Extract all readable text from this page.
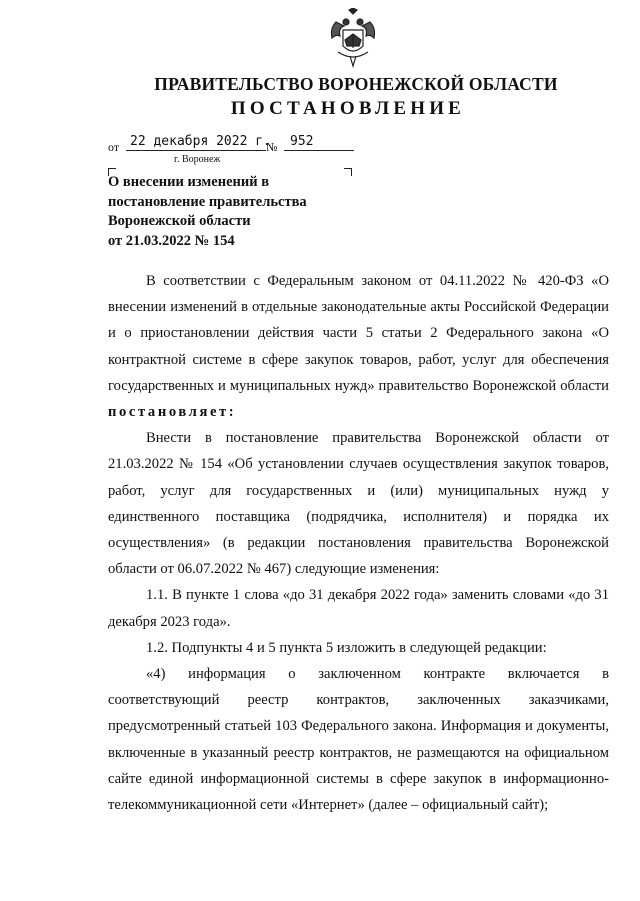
ПРАВИТЕЛЬСТВО ВОРОНЕЖСКОЙ ОБЛАСТИ
ПОСТАНОВЛЕНИЕ
от 22 декабря 2022 г.
№ 952
г. Воронеж
О внесении изменений в
постановление правительства
Воронежской области
от 21.03.2022 № 154

В соответствии с Федеральным законом от 04.11.2022 № 420-ФЗ «О внесении изменений в отдельные законодательные акты Российской Федерации и о приостановлении действия части 5 статьи 2 Федерального закона «О контрактной системе в сфере закупок товаров, работ, услуг для обеспечения государственных и муниципальных нужд» правительство Воронежской области постановляет:

Внести в постановление правительства Воронежской области от 21.03.2022 № 154 «Об установлении случаев осуществления закупок товаров, работ, услуг для государственных и (или) муниципальных нужд у единственного поставщика (подрядчика, исполнителя) и порядка их осуществления» (в редакции постановления правительства Воронежской области от 06.07.2022 № 467) следующие изменения:

1.1. В пункте 1 слова «до 31 декабря 2022 года» заменить словами «до 31 декабря 2023 года».

1.2. Подпункты 4 и 5 пункта 5 изложить в следующей редакции:

«4) информация о заключенном контракте включается в соответствующий реестр контрактов, заключенных заказчиками, предусмотренный статьей 103 Федерального закона. Информация и документы, включенные в указанный реестр контрактов, не размещаются на официальном сайте единой информационной системы в сфере закупок в информационно-телекоммуникационной сети «Интернет» (далее – официальный сайт);
